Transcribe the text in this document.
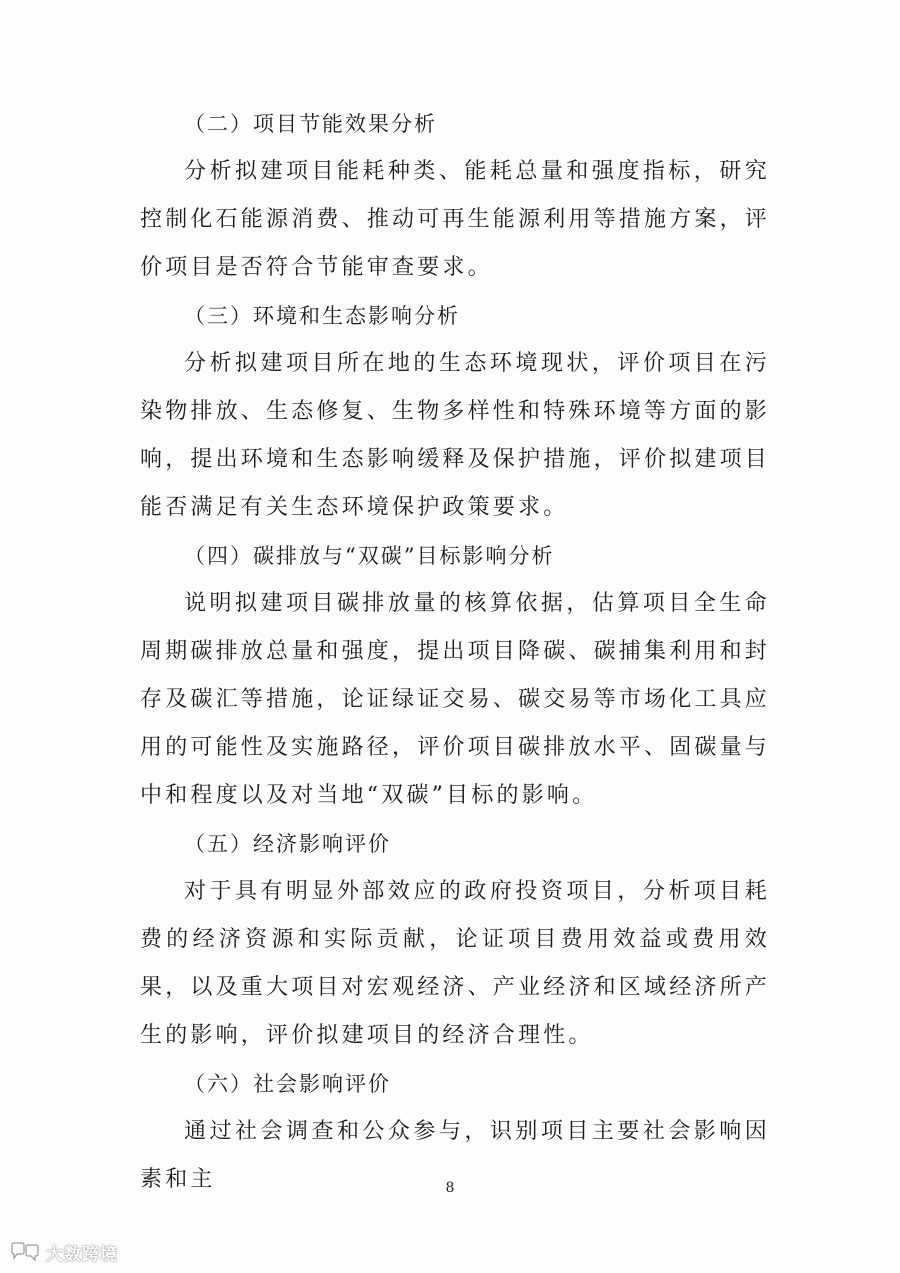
（二）项目节能效果分析

分析拟建项目能耗种类、能耗总量和强度指标，研究控制化石能源消费、推动可再生能源利用等措施方案，评价项目是否符合节能审查要求。

（三）环境和生态影响分析

分析拟建项目所在地的生态环境现状，评价项目在污染物排放、生态修复、生物多样性和特殊环境等方面的影响，提出环境和生态影响缓释及保护措施，评价拟建项目能否满足有关生态环境保护政策要求。

（四）碳排放与“双碳”目标影响分析

说明拟建项目碳排放量的核算依据，估算项目全生命周期碳排放总量和强度，提出项目降碳、碳捕集利用和封存及碳汇等措施，论证绿证交易、碳交易等市场化工具应用的可能性及实施路径，评价项目碳排放水平、固碳量与中和程度以及对当地“双碳”目标的影响。

（五）经济影响评价

对于具有明显外部效应的政府投资项目，分析项目耗费的经济资源和实际贡献，论证项目费用效益或费用效果，以及重大项目对宏观经济、产业经济和区域经济所产生的影响，评价拟建项目的经济合理性。

（六）社会影响评价

通过社会调查和公众参与，识别项目主要社会影响因素和主	8
大数跨境
